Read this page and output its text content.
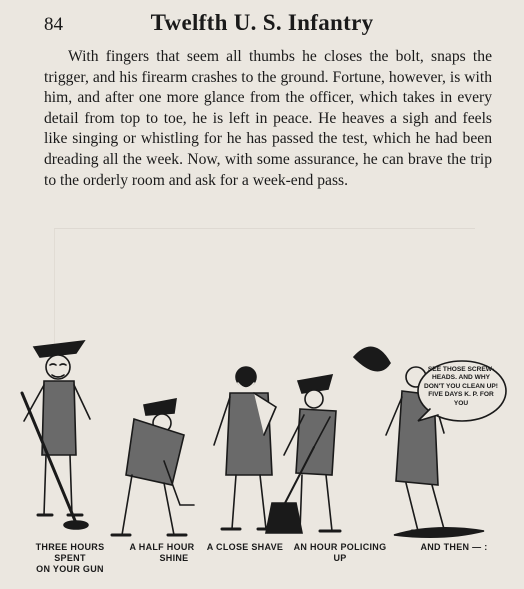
84	Twelfth U. S. Infantry
With fingers that seem all thumbs he closes the bolt, snaps the trigger, and his firearm crashes to the ground. Fortune, however, is with him, and after one more glance from the officer, which takes in every detail from top to toe, he is left in peace. He heaves a sigh and feels like singing or whistling for he has passed the test, which he had been dreading all the week. Now, with some assurance, he can brave the trip to the orderly room and ask for a week-end pass.
SEE THOSE SCREW-HEADS. AND WHY DON'T YOU CLEAN UP! FIVE DAYS K. P. FOR YOU
THREE HOURS SPENT
ON YOUR GUN
A HALF HOUR
SHINE
A CLOSE SHAVE	AN HOUR POLICING UP
AND THEN — :
